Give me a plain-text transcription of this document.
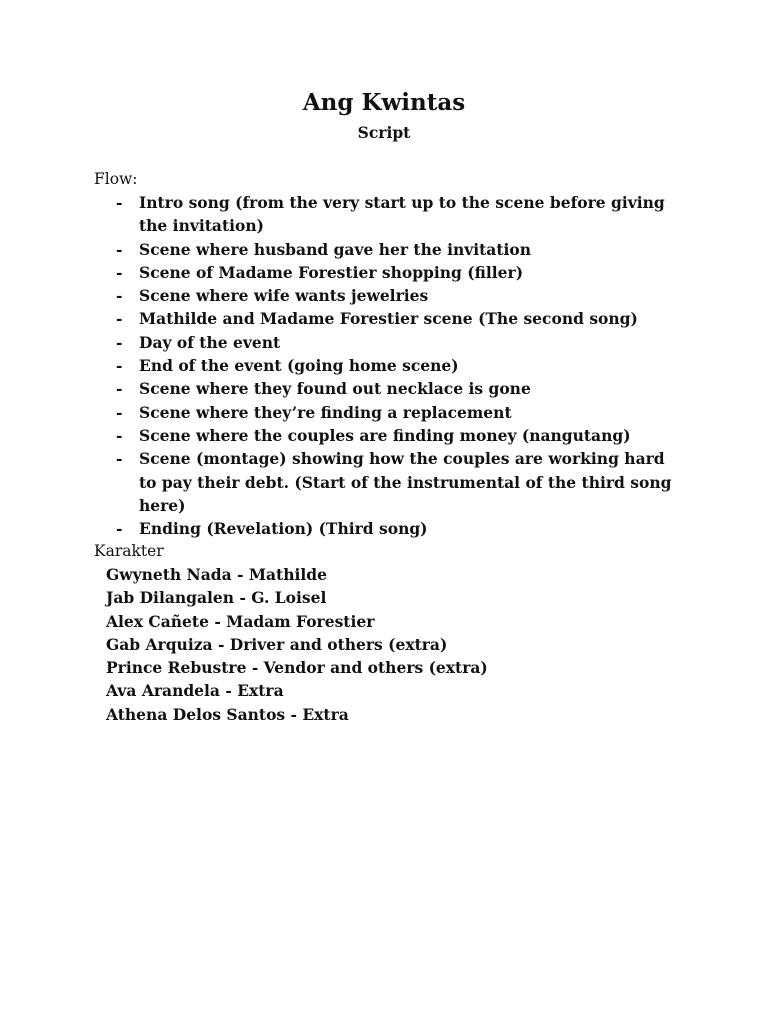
Ang Kwintas
Script
Flow:
- Intro song (from the very start up to the scene before giving the invitation)
- Scene where husband gave her the invitation
- Scene of Madame Forestier shopping (filler)
- Scene where wife wants jewelries
- Mathilde and Madame Forestier scene (The second song)
- Day of the event
- End of the event (going home scene)
- Scene where they found out necklace is gone
- Scene where they’re finding a replacement
- Scene where the couples are finding money (nangutang)
- Scene (montage) showing how the couples are working hard to pay their debt. (Start of the instrumental of the third song here)
- Ending (Revelation) (Third song)
Karakter
Gwyneth Nada - Mathilde
Jab Dilangalen - G. Loisel
Alex Cañete - Madam Forestier
Gab Arquiza - Driver and others (extra)
Prince Rebustre - Vendor and others (extra)
Ava Arandela - Extra
Athena Delos Santos - Extra
